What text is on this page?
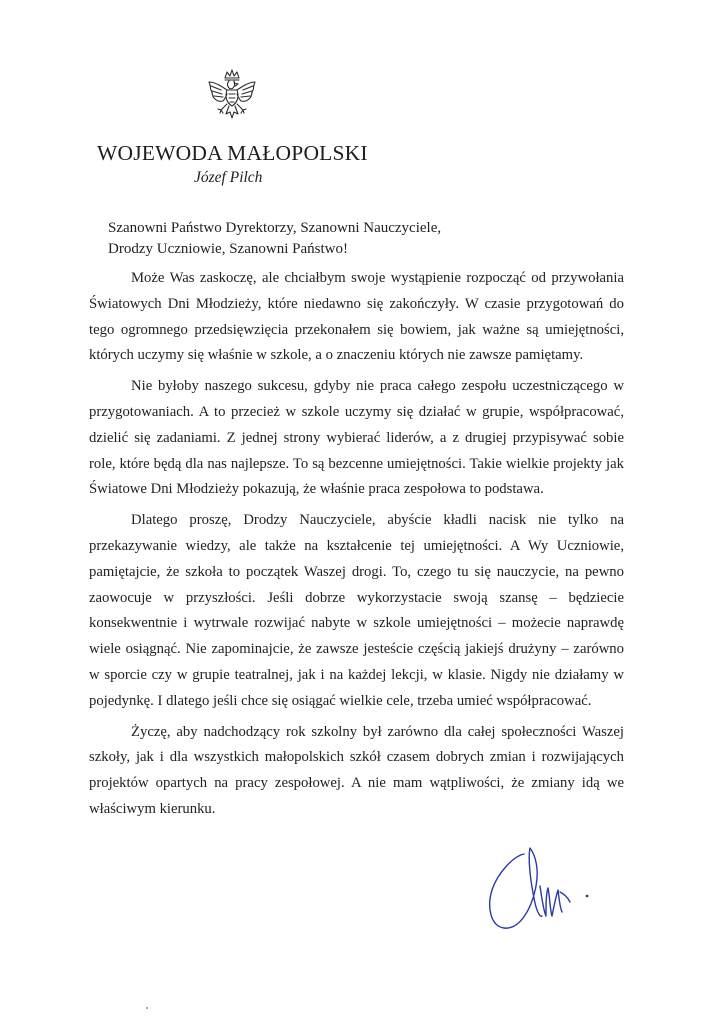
WOJEWODA MAŁOPOLSKI
Józef Pilch
Szanowni Państwo Dyrektorzy, Szanowni Nauczyciele,
Drodzy Uczniowie, Szanowni Państwo!

Może Was zaskoczę, ale chciałbym swoje wystąpienie rozpocząć od przywołania Światowych Dni Młodzieży, które niedawno się zakończyły. W czasie przygotowań do tego ogromnego przedsięwzięcia przekonałem się bowiem, jak ważne są umiejętności, których uczymy się właśnie w szkole, a o znaczeniu których nie zawsze pamiętamy.

Nie byłoby naszego sukcesu, gdyby nie praca całego zespołu uczestniczącego w przygotowaniach. A to przecież w szkole uczymy się działać w grupie, współpracować, dzielić się zadaniami. Z jednej strony wybierać liderów, a z drugiej przypisywać sobie role, które będą dla nas najlepsze. To są bezcenne umiejętności. Takie wielkie projekty jak Światowe Dni Młodzieży pokazują, że właśnie praca zespołowa to podstawa.

Dlatego proszę, Drodzy Nauczyciele, abyście kładli nacisk nie tylko na przekazywanie wiedzy, ale także na kształcenie tej umiejętności. A Wy Uczniowie, pamiętajcie, że szkoła to początek Waszej drogi. To, czego tu się nauczycie, na pewno zaowocuje w przyszłości. Jeśli dobrze wykorzystacie swoją szansę – będziecie konsekwentnie i wytrwale rozwijać nabyte w szkole umiejętności – możecie naprawdę wiele osiągnąć. Nie zapominajcie, że zawsze jesteście częścią jakiejś drużyny – zarówno w sporcie czy w grupie teatralnej, jak i na każdej lekcji, w klasie. Nigdy nie działamy w pojedynkę. I dlatego jeśli chce się osiągać wielkie cele, trzeba umieć współpracować.

Życzę, aby nadchodzący rok szkolny był zarówno dla całej społeczności Waszej szkoły, jak i dla wszystkich małopolskich szkół czasem dobrych zmian i rozwijających projektów opartych na pracy zespołowej. A nie mam wątpliwości, że zmiany idą we właściwym kierunku.
